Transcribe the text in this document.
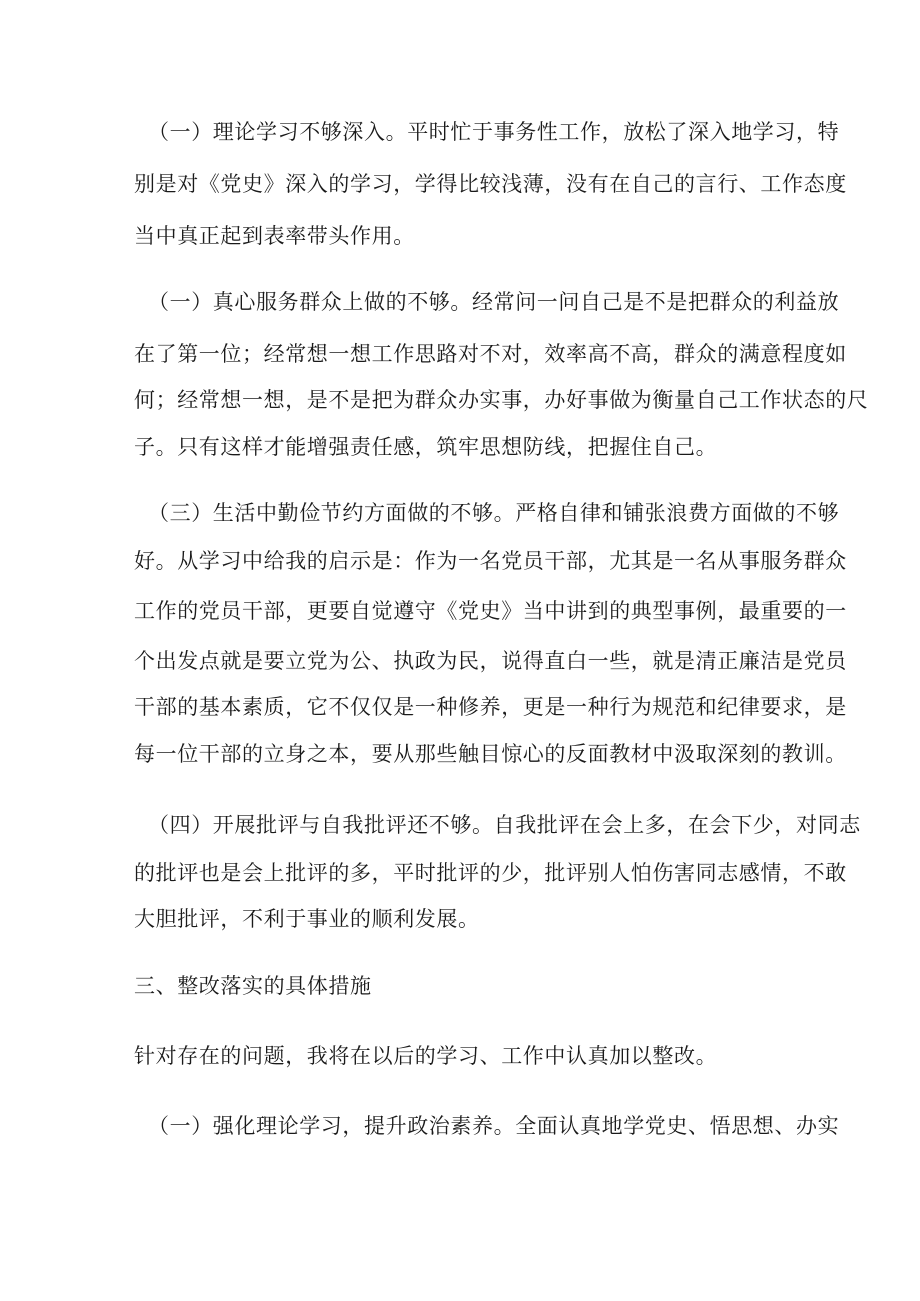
（一）理论学习不够深入。平时忙于事务性工作，放松了深入地学习，特

别是对《党史》深入的学习，学得比较浅薄，没有在自己的言行、工作态度

当中真正起到表率带头作用。

（一）真心服务群众上做的不够。经常问一问自己是不是把群众的利益放

在了第一位；经常想一想工作思路对不对，效率高不高，群众的满意程度如

何；经常想一想，是不是把为群众办实事，办好事做为衡量自己工作状态的尺

子。只有这样才能增强责任感，筑牢思想防线，把握住自己。

（三）生活中勤俭节约方面做的不够。严格自律和铺张浪费方面做的不够

好。从学习中给我的启示是：作为一名党员干部，尤其是一名从事服务群众

工作的党员干部，更要自觉遵守《党史》当中讲到的典型事例，最重要的一

个出发点就是要立党为公、执政为民，说得直白一些，就是清正廉洁是党员

干部的基本素质，它不仅仅是一种修养，更是一种行为规范和纪律要求，是

每一位干部的立身之本，要从那些触目惊心的反面教材中汲取深刻的教训。

（四）开展批评与自我批评还不够。自我批评在会上多，在会下少，对同志

的批评也是会上批评的多，平时批评的少，批评别人怕伤害同志感情，不敢

大胆批评，不利于事业的顺利发展。

三、整改落实的具体措施

针对存在的问题，我将在以后的学习、工作中认真加以整改。

（一）强化理论学习，提升政治素养。全面认真地学党史、悟思想、办实
